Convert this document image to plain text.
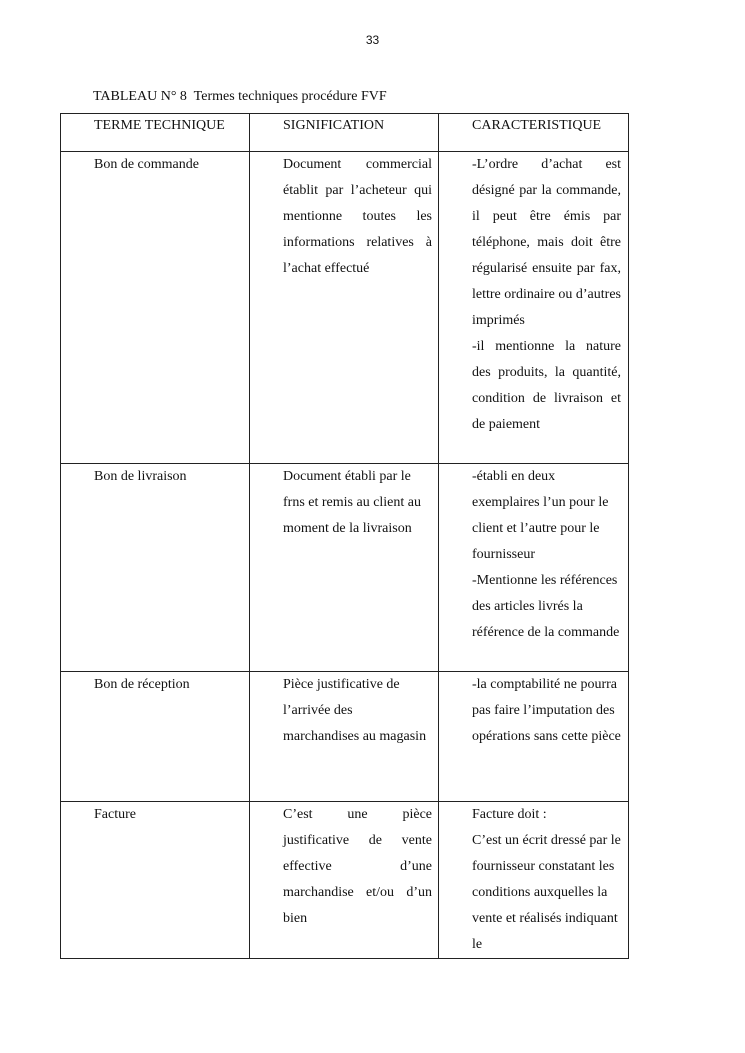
33
TABLEAU N° 8  Termes techniques procédure FVF
TERME TECHNIQUE	SIGNIFICATION	CARACTERISTIQUE

Bon de commande	Document commercial établit par l’acheteur qui mentionne toutes les informations relatives à l’achat effectué	-L’ordre d’achat est désigné par la commande, il peut être émis par téléphone, mais doit être régularisé ensuite par fax, lettre ordinaire ou d’autres imprimés
-il mentionne la nature des produits, la quantité, condition de livraison et de paiement

Bon de livraison	Document établi par le frns et remis au client au moment de la livraison	-établi en deux exemplaires l’un pour le client et l’autre pour le fournisseur
-Mentionne les références des articles livrés la référence de la commande

Bon de réception	Pièce justificative de l’arrivée des marchandises au magasin	-la comptabilité ne pourra pas faire l’imputation des opérations sans cette pièce

Facture	C’est une pièce justificative de vente effective d’une marchandise et/ou d’un bien	Facture doit :
C’est un écrit dressé par le fournisseur constatant les conditions auxquelles la vente et réalisés indiquant le
